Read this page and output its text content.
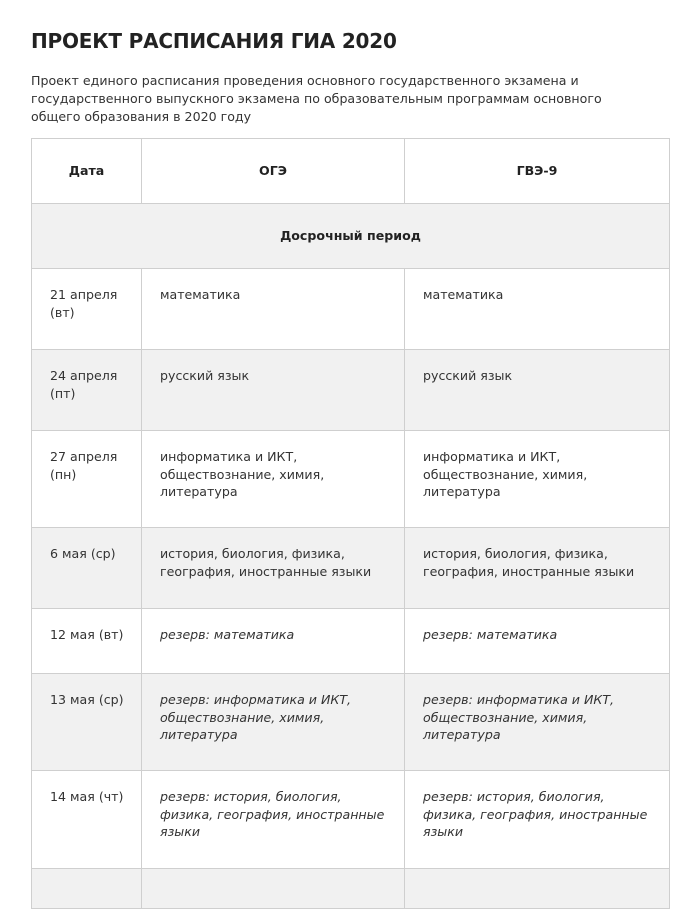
ПРОЕКТ РАСПИСАНИЯ ГИА 2020

Проект единого расписания проведения основного государственного экзамена и государственного выпускного экзамена по образовательным программам основного общего образования в 2020 году

Дата	ОГЭ	ГВЭ-9
Досрочный период		
21 апреля (вт)	математика	математика
24 апреля (пт)	русский язык	русский язык
27 апреля (пн)	информатика и ИКТ, обществознание, химия, литература	информатика и ИКТ, обществознание, химия, литература
6 мая (ср)	история, биология, физика, география, иностранные языки	история, биология, физика, география, иностранные языки
12 мая (вт)	резерв: математика	резерв: математика
13 мая (ср)	резерв: информатика и ИКТ, обществознание, химия, литература	резерв: информатика и ИКТ, обществознание, химия, литература
14 мая (чт)	резерв: история, биология, физика, география, иностранные языки	резерв: история, биология, физика, география, иностранные языки
